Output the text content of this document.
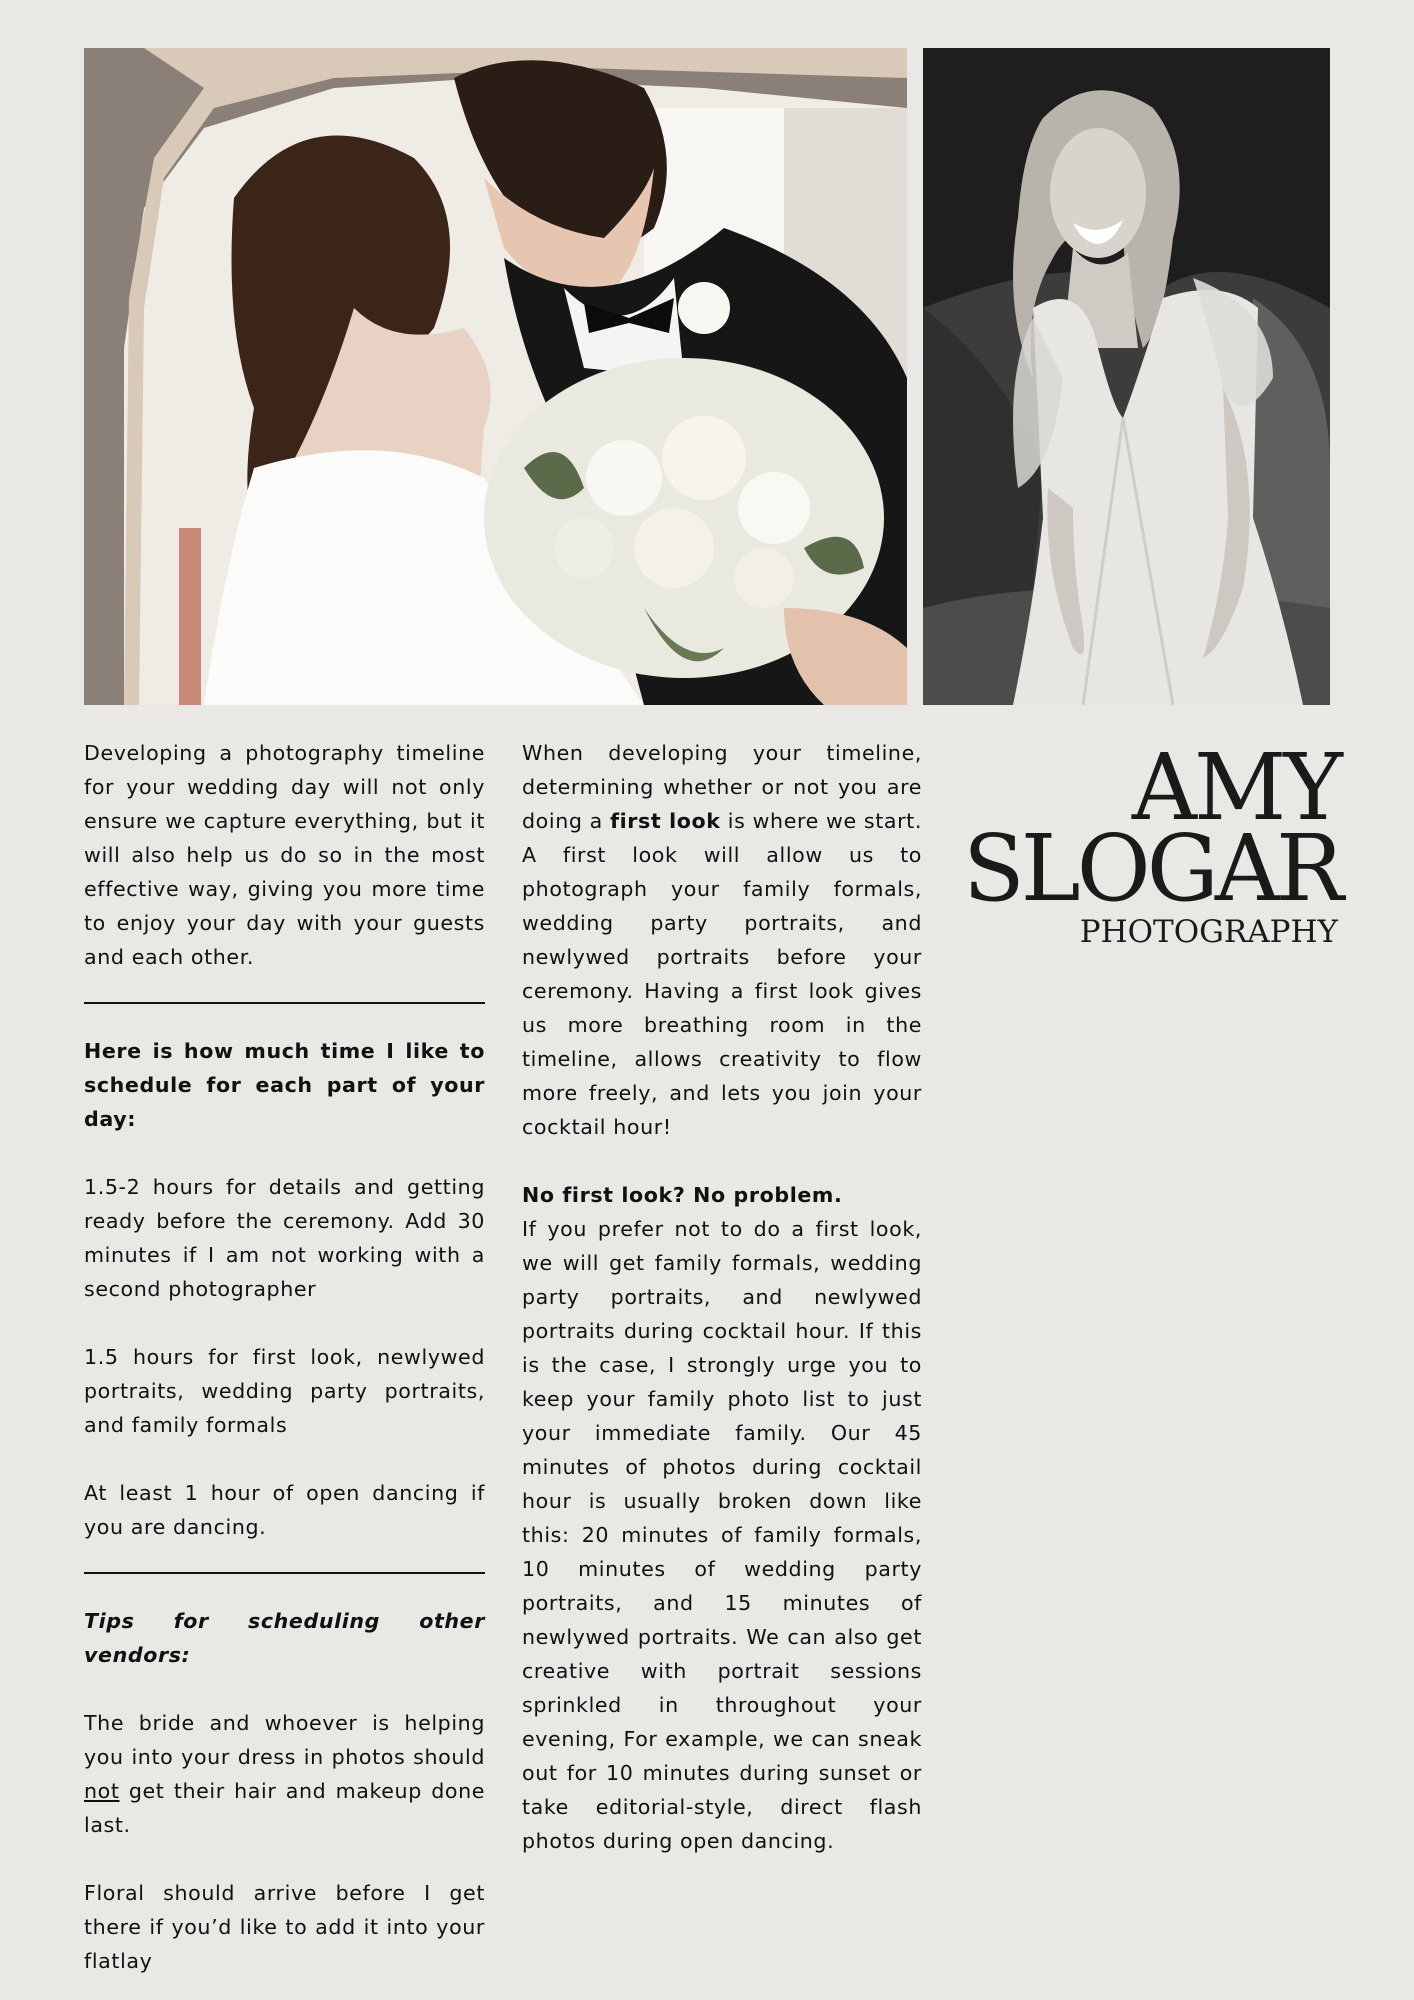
Developing a photography timeline for your wedding day will not only ensure we capture everything, but it will also help us do so in the most effective way, giving you more time to enjoy your day with your guests and each other.

Here is how much time I like to schedule for each part of your day:

1.5-2 hours for details and getting ready before the ceremony. Add 30 minutes if I am not working with a second photographer

1.5 hours for first look, newlywed portraits, wedding party portraits, and family formals

At least 1 hour of open dancing if you are dancing.

Tips for scheduling other vendors:

The bride and whoever is helping you into your dress in photos should not get their hair and makeup done last.

Floral should arrive before I get there if you’d like to add it into your flatlay

When developing your timeline, determining whether or not you are doing a first look is where we start. A first look will allow us to photograph your family formals, wedding party portraits, and newlywed portraits before your ceremony. Having a first look gives us more breathing room in the timeline, allows creativity to flow more freely, and lets you join your cocktail hour!

No first look? No problem.

If you prefer not to do a first look, we will get family formals, wedding party portraits, and newlywed portraits during cocktail hour. If this is the case, I strongly urge you to keep your family photo list to just your immediate family. Our 45 minutes of photos during cocktail hour is usually broken down like this: 20 minutes of family formals, 10 minutes of wedding party portraits, and 15 minutes of newlywed portraits. We can also get creative with portrait sessions sprinkled in throughout your evening, For example, we can sneak out for 10 minutes during sunset or take editorial-style, direct flash photos during open dancing.

AMY
SLOGAR
PHOTOGRAPHY
